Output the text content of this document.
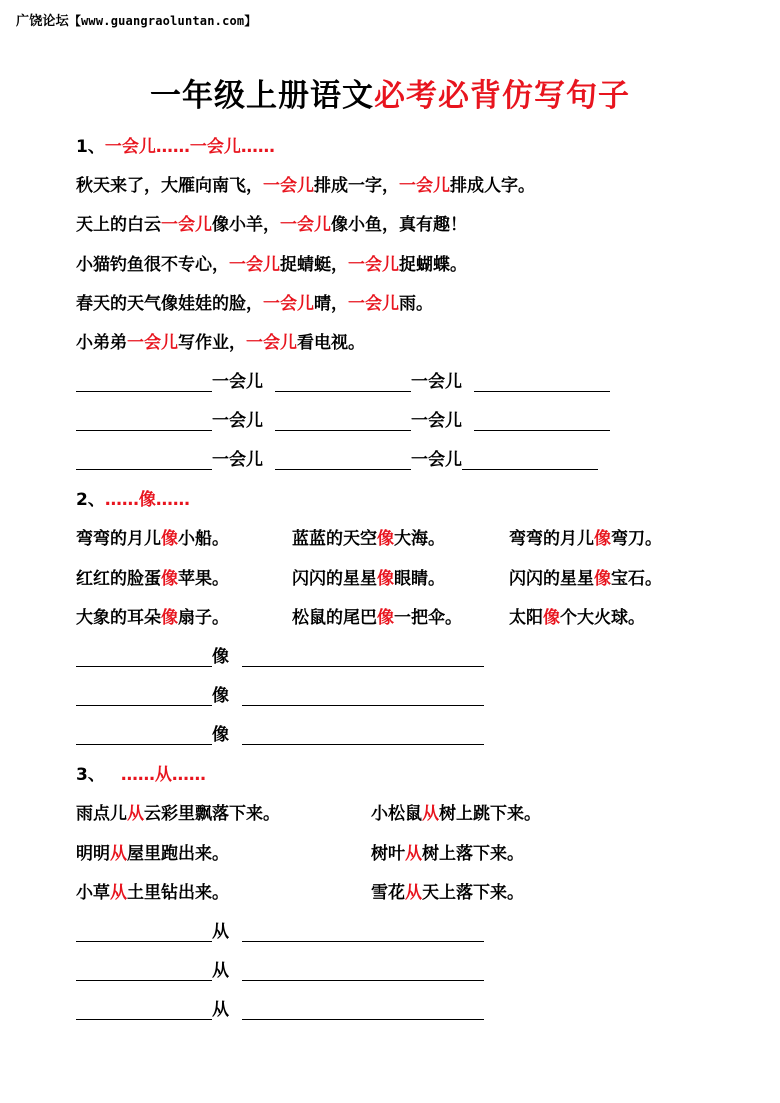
广饶论坛【www.guangraoluntan.com】
一年级上册语文必考必背仿写句子
1、一会儿……一会儿……
秋天来了，大雁向南飞，一会儿排成一字，一会儿排成人字。
天上的白云一会儿像小羊，一会儿像小鱼，真有趣！
小猫钓鱼很不专心，一会儿捉蜻蜓，一会儿捉蝴蝶。
春天的天气像娃娃的脸，一会儿晴，一会儿雨。
小弟弟一会儿写作业，一会儿看电视。
一会儿	一会儿
一会儿	一会儿
一会儿	一会儿
2、……像……
弯弯的月儿像小船。	蓝蓝的天空像大海。	弯弯的月儿像弯刀。
红红的脸蛋像苹果。	闪闪的星星像眼睛。	闪闪的星星像宝石。
大象的耳朵像扇子。	松鼠的尾巴像一把伞。	太阳像个大火球。
像
像
像
3、 ……从……
雨点儿从云彩里飘落下来。	小松鼠从树上跳下来。
明明从屋里跑出来。	树叶从树上落下来。
小草从土里钻出来。	雪花从天上落下来。
从
从
从
